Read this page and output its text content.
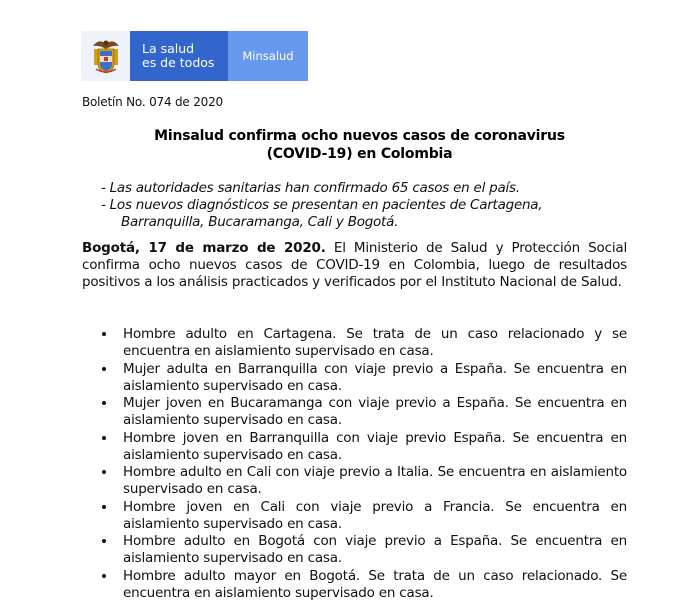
La salud
es de todos	Minsalud
Boletín No. 074 de 2020
Minsalud confirma ocho nuevos casos de coronavirus
(COVID-19) en Colombia
- Las autoridades sanitarias han confirmado 65 casos en el país.
- Los nuevos diagnósticos se presentan en pacientes de Cartagena,
Barranquilla, Bucaramanga, Cali y Bogotá.

Bogotá, 17 de marzo de 2020. El Ministerio de Salud y Protección Social confirma ocho nuevos casos de COVID-19 en Colombia, luego de resultados positivos a los análisis practicados y verificados por el Instituto Nacional de Salud.

Hombre adulto en Cartagena. Se trata de un caso relacionado y se encuentra en aislamiento supervisado en casa.
Mujer adulta en Barranquilla con viaje previo a España. Se encuentra en aislamiento supervisado en casa.
Mujer joven en Bucaramanga con viaje previo a España. Se encuentra en aislamiento supervisado en casa.
Hombre joven en Barranquilla con viaje previo España. Se encuentra en aislamiento supervisado en casa.
Hombre adulto en Cali con viaje previo a Italia. Se encuentra en aislamiento supervisado en casa.
Hombre joven en Cali con viaje previo a Francia. Se encuentra en aislamiento supervisado en casa.
Hombre adulto en Bogotá con viaje previo a España. Se encuentra en aislamiento supervisado en casa.
Hombre adulto mayor en Bogotá. Se trata de un caso relacionado. Se encuentra en aislamiento supervisado en casa.
